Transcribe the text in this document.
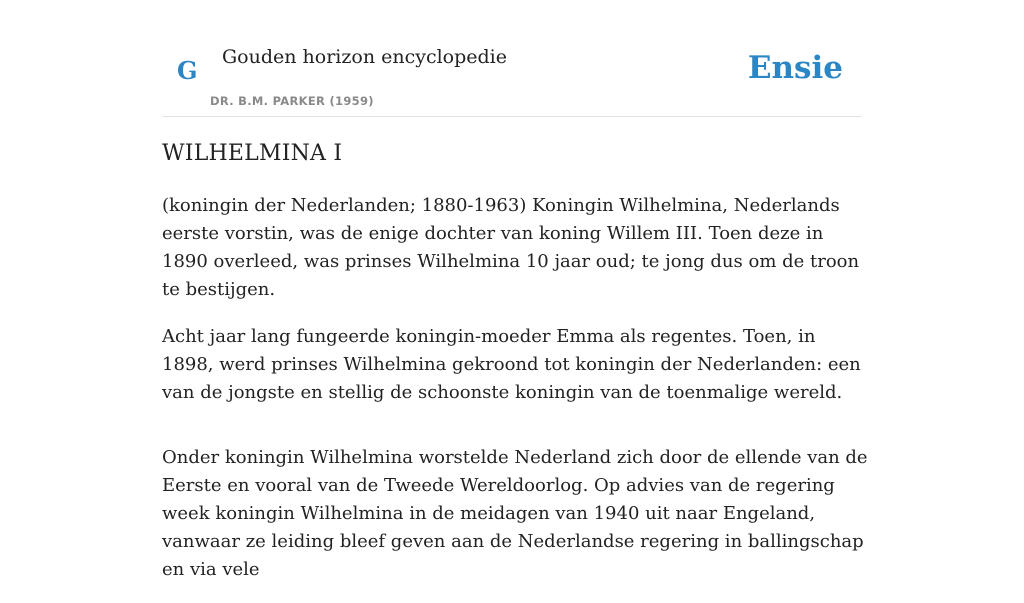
G Gouden horizon encyclopedie
DR. B.M. PARKER (1959)
Ensie
WILHELMINA I

(koningin der Nederlanden; 1880-1963) Koningin Wilhelmina, Nederlands eerste vorstin, was de enige dochter van koning Willem III. Toen deze in 1890 overleed, was prinses Wilhelmina 10 jaar oud; te jong dus om de troon te bestijgen.

Acht jaar lang fungeerde koningin-moeder Emma als regentes. Toen, in 1898, werd prinses Wilhelmina gekroond tot koningin der Nederlanden: een van de jongste en stellig de schoonste koningin van de toenmalige wereld.

Onder koningin Wilhelmina worstelde Nederland zich door de ellende van de Eerste en vooral van de Tweede Wereldoorlog. Op advies van de regering week koningin Wilhelmina in de meidagen van 1940 uit naar Engeland, vanwaar ze leiding bleef geven aan de Nederlandse regering in ballingschap en via vele
